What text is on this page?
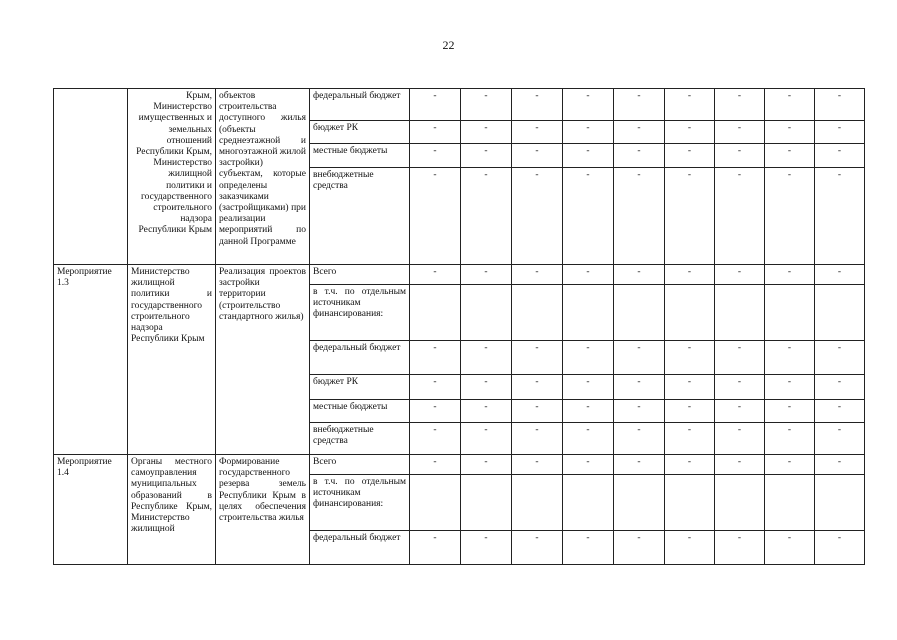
22
	Крым, Министерство имущественных и земельных отношений Республики Крым, Министерство жилищной политики и государственного строительного надзора Республики Крым	объектов строительства доступного жилья (объекты среднеэтажной и многоэтажной жилой застройки) субъектам, которые определены заказчиками (застройщиками) при реализации мероприятий по данной Программе	федеральный бюджет	-	-	-	-	-	-	-	-	-
			бюджет РК	-	-	-	-	-	-	-	-	-
			местные бюджеты	-	-	-	-	-	-	-	-	-
			внебюджетные средства	-	-	-	-	-	-	-	-	-
Мероприятие 1.3	Министерство жилищной политики и государственного строительного надзора Республики Крым	Реализация проектов застройки территории (строительство стандартного жилья)	Всего	-	-	-	-	-	-	-	-	-
			в т.ч. по отдельным источникам финансирования:									
			федеральный бюджет	-	-	-	-	-	-	-	-	-
			бюджет РК	-	-	-	-	-	-	-	-	-
			местные бюджеты	-	-	-	-	-	-	-	-	-
			внебюджетные средства	-	-	-	-	-	-	-	-	-
Мероприятие 1.4	Органы местного самоуправления муниципальных образований в Республике Крым, Министерство жилищной	Формирование государственного резерва земель Республики Крым в целях обеспечения строительства жилья	Всего	-	-	-	-	-	-	-	-	-
			в т.ч. по отдельным источникам финансирования:									
			федеральный бюджет	-	-	-	-	-	-	-	-	-
